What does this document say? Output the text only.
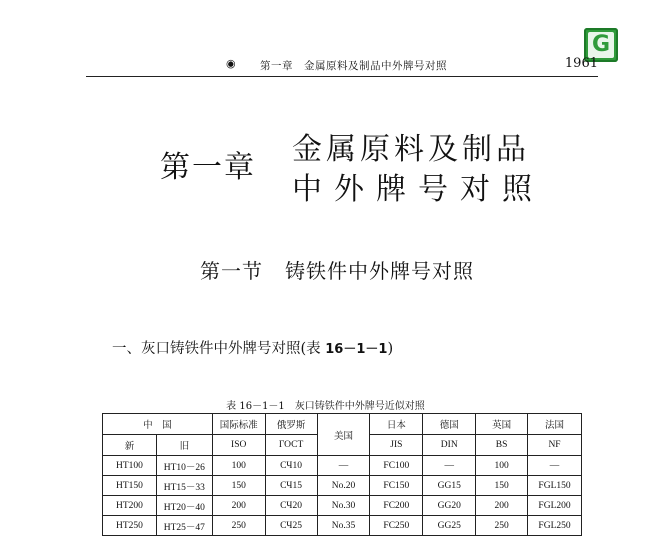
G
◉ 第一章　金属原料及制品中外牌号对照	1961
第一章
金属原料及制品
中外牌号对照
第一节 铸铁件中外牌号对照
一、灰口铸铁件中外牌号对照(表 16－1－1)
表 16－1－1 灰口铸铁件中外牌号近似对照
中　国		国际标准	俄罗斯	美国	日本	德国	英国	法国
新	旧	ISO	ГОСТ		JIS	DIN	BS	NF
HT100	HT10－26	100	СЧ10	—	FC100	—	100	—
HT150	HT15－33	150	СЧ15	No.20	FC150	GG15	150	FGL150
HT200	HT20－40	200	СЧ20	No.30	FC200	GG20	200	FGL200
HT250	HT25－47	250	СЧ25	No.35	FC250	GG25	250	FGL250
